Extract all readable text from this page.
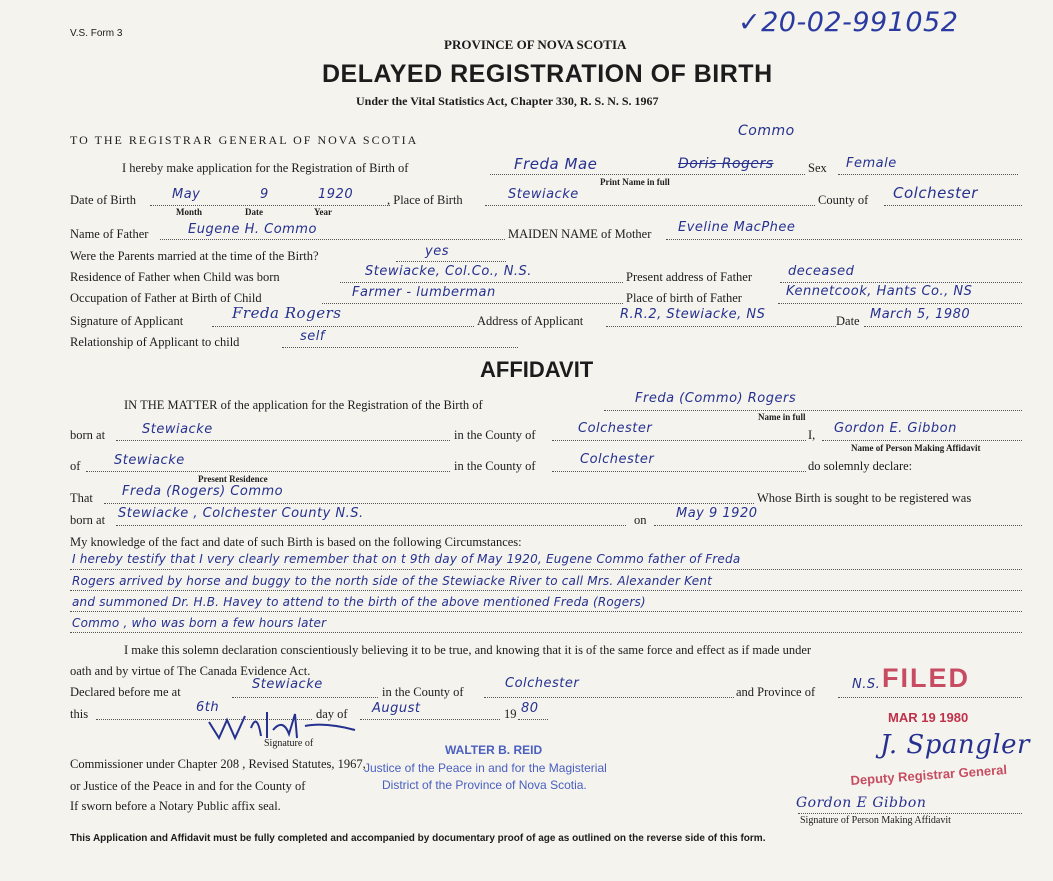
V.S. Form 3	✓20-02-991052
PROVINCE OF NOVA SCOTIA
DELAYED REGISTRATION OF BIRTH
Under the Vital Statistics Act, Chapter 330, R. S. N. S. 1967
TO THE REGISTRAR GENERAL OF NOVA SCOTIA
Commo
I hereby make application for the Registration of Birth of	Freda Mae	Doris Rogers	Sex Female
Print Name in full
Date of Birth	May	9	1920
Month	Date	Year
, Place of Birth	Stewiacke	County of Colchester
Name of Father	Eugene H. Commo	MAIDEN NAME of Mother Eveline MacPhee
Were the Parents married at the time of the Birth?	yes
Residence of Father when Child was born	Stewiacke, Col.Co., N.S.	Present address of Father	deceased
Occupation of Father at Birth of Child	Farmer - lumberman	Place of birth of Father	Kennetcook, Hants Co., NS
Signature of Applicant	Freda Rogers	Address of Applicant	R.R.2, Stewiacke, NS	Date March 5, 1980
Relationship of Applicant to child	self
AFFIDAVIT
IN THE MATTER of the application for the Registration of the Birth of	Freda (Commo) Rogers
Name in full
born at	Stewiacke	in the County of	Colchester	I, Gordon E. Gibbon
Name of Person Making Affidavit
of	Stewiacke
Present Residence
in the County of	Colchester	do solemnly declare:
That Freda (Rogers) Commo	Whose Birth is sought to be registered was
born at Stewiacke , Colchester County N.S.	on May 9 1920
My knowledge of the fact and date of such Birth is based on the following Circumstances:
I hereby testify that I very clearly remember that on t 9th day of May 1920, Eugene Commo father of Freda
Rogers arrived by horse and buggy to the north side of the Stewiacke River to call Mrs. Alexander Kent
and summoned Dr. H.B. Havey to attend to the birth of the above mentioned Freda (Rogers)
Commo , who was born a few hours later
I make this solemn declaration conscientiously believing it to be true, and knowing that it is of the same force and effect as if made under
oath and by virtue of The Canada Evidence Act.
Declared before me at	Stewiacke	in the County of
Colchester
and Province of	N.S.
this	6th	day of August	19 80
Signature of
Commissioner under Chapter 208 , Revised Statutes, 1967,
or Justice of the Peace in and for the County of
If sworn before a Notary Public affix seal.
WALTER B. REID
Justice of the Peace in and for the Magisterial
District of the Province of Nova Scotia.
FILED
MAR 19 1980
J. Spangler
Deputy Registrar General
Gordon E Gibbon
Signature of Person Making Affidavit
This Application and Affidavit must be fully completed and accompanied by documentary proof of age as outlined on the reverse side of this form.
